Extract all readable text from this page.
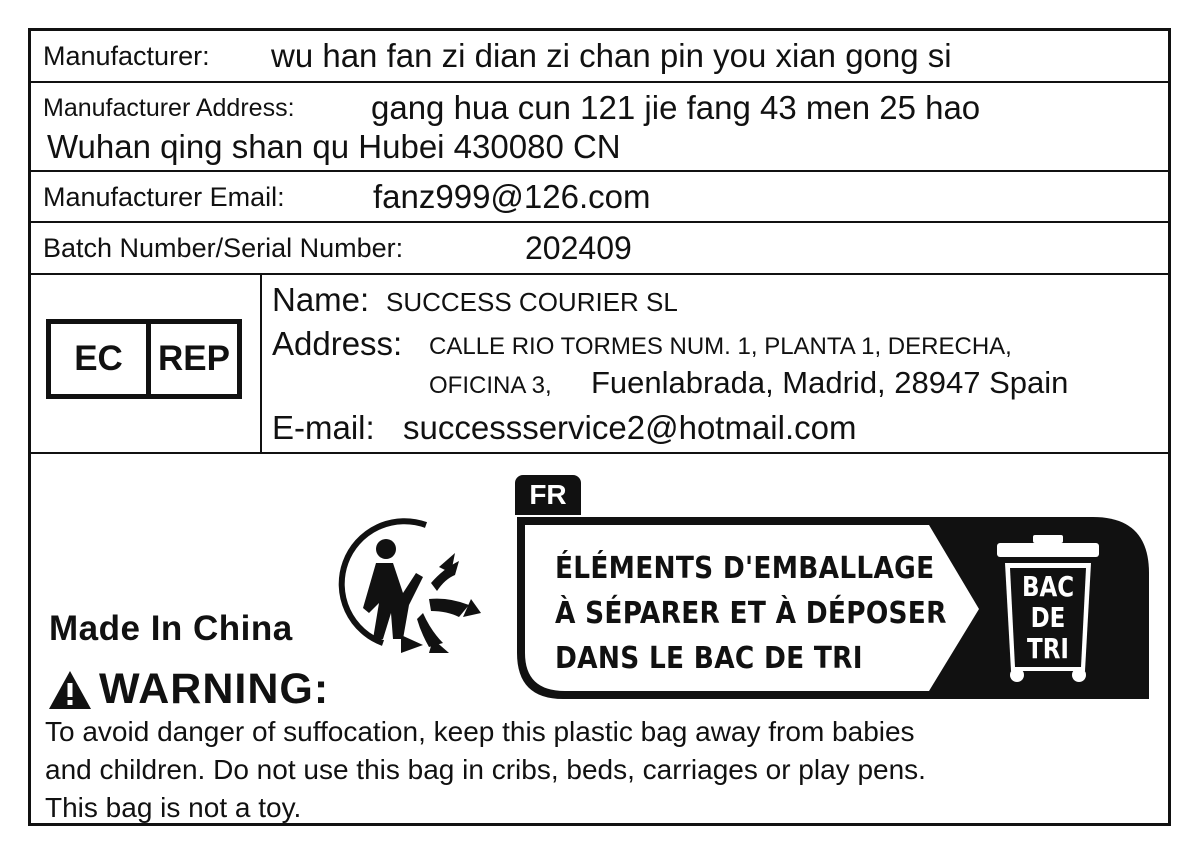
Manufacturer: wu han fan zi dian zi chan pin you xian gong si
Manufacturer Address: gang hua cun 121 jie fang 43 men 25 hao
Wuhan qing shan qu Hubei 430080 CN
Manufacturer Email:	fanz999@126.com
Batch Number/Serial Number:	202409
EC	REP
Name: SUCCESS COURIER SL
Address: CALLE RIO TORMES NUM. 1, PLANTA 1, DERECHA,
OFICINA 3, Fuenlabrada, Madrid, 28947 Spain
E-mail: successservice2@hotmail.com
Made In China
WARNING:
To avoid danger of suffocation, keep this plastic bag away from babies
and children. Do not use this bag in cribs, beds, carriages or play pens.
This bag is not a toy.
FR
ÉLÉMENTS D'EMBALLAGE
À SÉPARER ET À DÉPOSER
DANS LE BAC DE TRI
BAC
DE
TRI
